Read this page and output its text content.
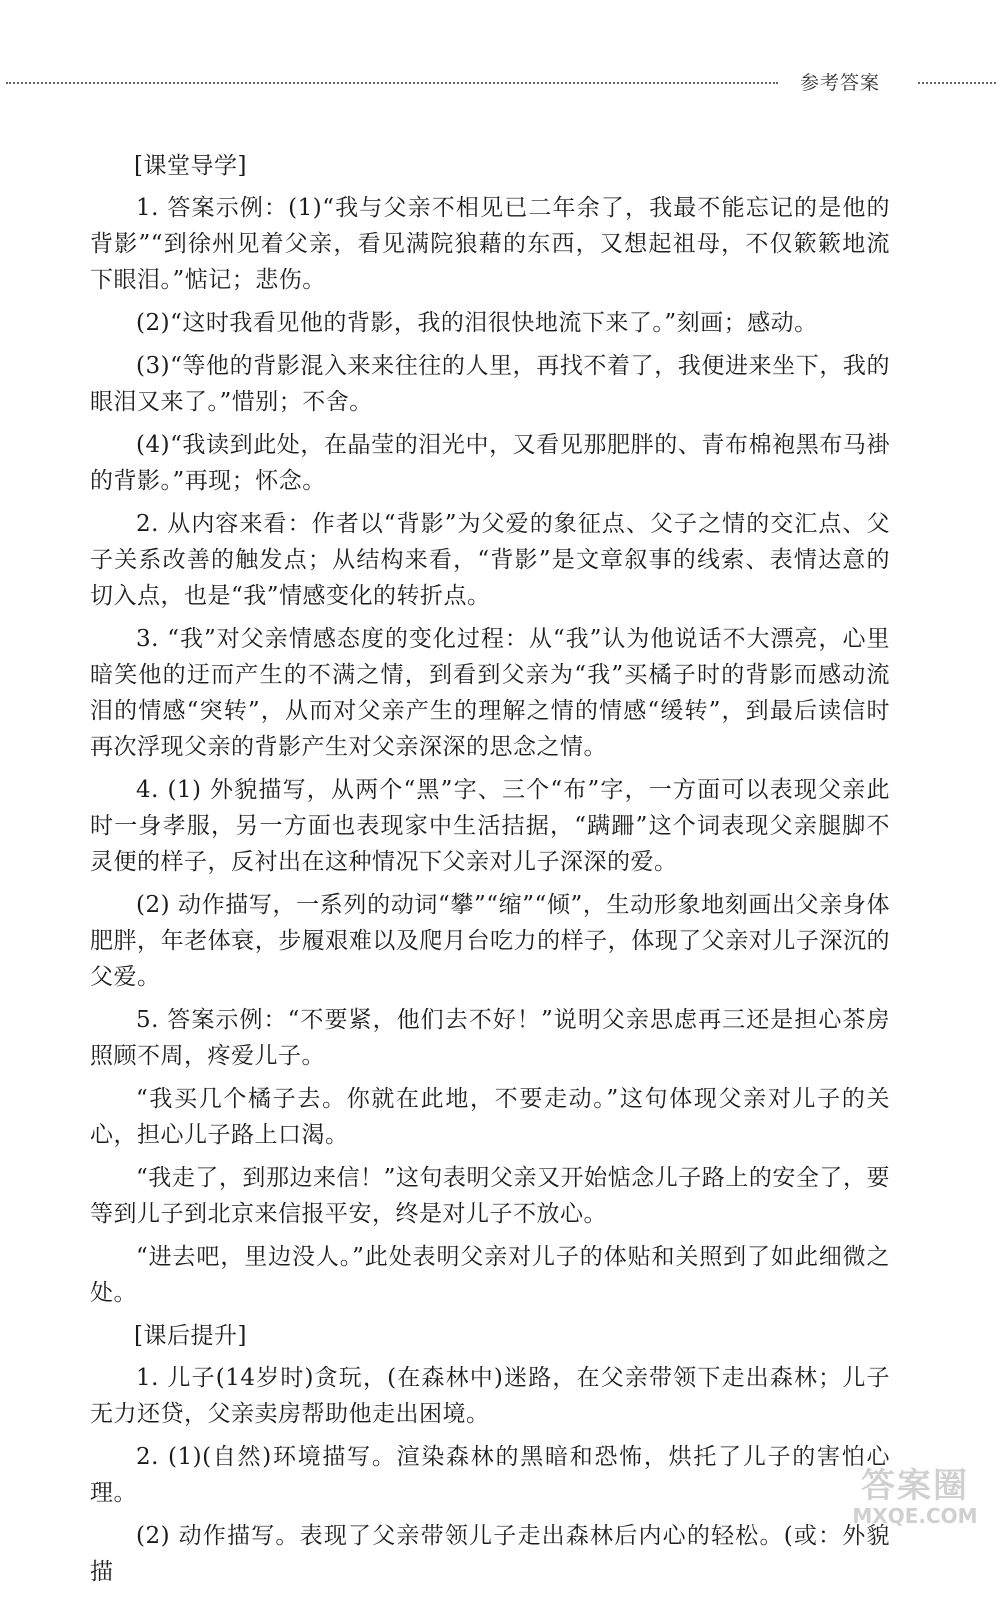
参考答案

[课堂导学]

1. 答案示例：(1)“我与父亲不相见已二年余了，我最不能忘记的是他的背影”“到徐州见着父亲，看见满院狼藉的东西，又想起祖母，不仅簌簌地流下眼泪。”惦记；悲伤。

(2)“这时我看见他的背影，我的泪很快地流下来了。”刻画；感动。

(3)“等他的背影混入来来往往的人里，再找不着了，我便进来坐下，我的眼泪又来了。”惜别；不舍。

(4)“我读到此处，在晶莹的泪光中，又看见那肥胖的、青布棉袍黑布马褂的背影。”再现；怀念。

2. 从内容来看：作者以“背影”为父爱的象征点、父子之情的交汇点、父子关系改善的触发点；从结构来看，“背影”是文章叙事的线索、表情达意的切入点，也是“我”情感变化的转折点。

3. “我”对父亲情感态度的变化过程：从“我”认为他说话不大漂亮，心里暗笑他的迂而产生的不满之情，到看到父亲为“我”买橘子时的背影而感动流泪的情感“突转”，从而对父亲产生的理解之情的情感“缓转”，到最后读信时再次浮现父亲的背影产生对父亲深深的思念之情。

4. (1) 外貌描写，从两个“黑”字、三个“布”字，一方面可以表现父亲此时一身孝服，另一方面也表现家中生活拮据，“蹒跚”这个词表现父亲腿脚不灵便的样子，反衬出在这种情况下父亲对儿子深深的爱。

(2) 动作描写，一系列的动词“攀”“缩”“倾”，生动形象地刻画出父亲身体肥胖，年老体衰，步履艰难以及爬月台吃力的样子，体现了父亲对儿子深沉的父爱。

5. 答案示例：“不要紧，他们去不好！”说明父亲思虑再三还是担心茶房照顾不周，疼爱儿子。

“我买几个橘子去。你就在此地，不要走动。”这句体现父亲对儿子的关心，担心儿子路上口渴。

“我走了，到那边来信！”这句表明父亲又开始惦念儿子路上的安全了，要等到儿子到北京来信报平安，终是对儿子不放心。

“进去吧，里边没人。”此处表明父亲对儿子的体贴和关照到了如此细微之处。

[课后提升]

1. 儿子(14岁时)贪玩，(在森林中)迷路，在父亲带领下走出森林；儿子无力还贷，父亲卖房帮助他走出困境。

2. (1)(自然)环境描写。渲染森林的黑暗和恐怖，烘托了儿子的害怕心理。

(2) 动作描写。表现了父亲带领儿子走出森林后内心的轻松。(或：外貌描

答案圈
MXQE.COM
